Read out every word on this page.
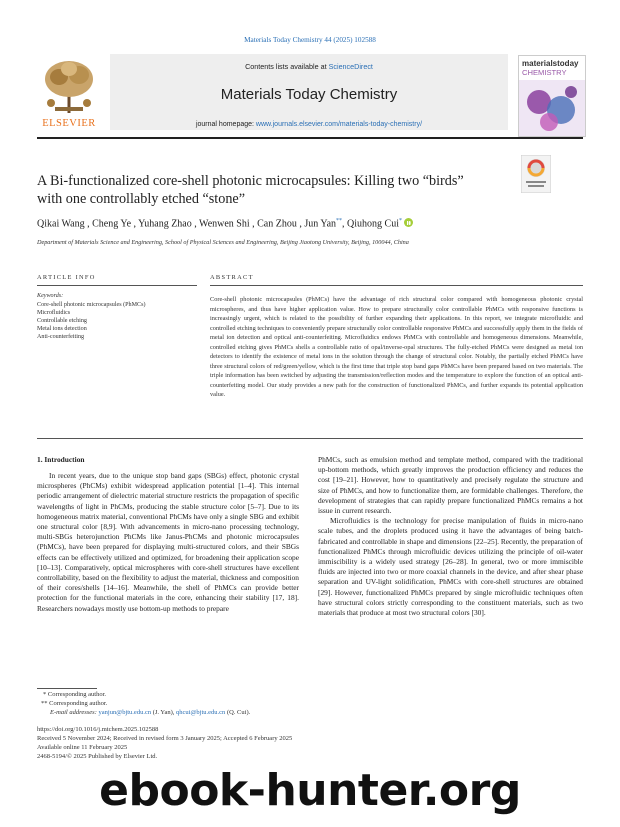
Materials Today Chemistry 44 (2025) 102588
Contents lists available at ScienceDirect
Materials Today Chemistry
journal homepage: www.journals.elsevier.com/materials-today-chemistry/
ELSEVIER
materialstoday
CHEMISTRY
A Bi-functionalized core-shell photonic microcapsules: Killing two “birds”
with one controllably etched “stone”
Qikai Wang , Cheng Ye , Yuhang Zhao , Wenwen Shi , Can Zhou , Jun Yan**, Qiuhong Cui*
Department of Materials Science and Engineering, School of Physical Sciences and Engineering, Beijing Jiaotong University, Beijing, 100044, China
ARTICLE INFO
Keywords:
Core-shell photonic microcapsules (PhMCs)
Microfluidics
Controllable etching
Metal ions detection
Anti-counterfeiting
ABSTRACT
Core-shell photonic microcapsules (PhMCs) have the advantage of rich structural color compared with homogeneous photonic crystal microspheres, and thus have higher application value. How to prepare structurally color controllable PhMCs with responsive functions is increasingly urgent, which is related to the possibility of further expanding their applications. In this report, we integrate microfluidic and controlled etching techniques to conveniently prepare structurally color controllable responsive PhMCs and successfully apply them in the fields of metal ion detection and optical anti-counterfeiting. Microfluidics endows PhMCs with controllable and homogeneous dimensions. Meanwhile, controlled etching gives PhMCs shells a controllable ratio of opal/inverse-opal structures. The fully-etched PhMCs were designed as metal ion detectors to identify the existence of metal ions in the solution through the change of structural color. Notably, the partially etched PhMCs have three structural colors of red/green/yellow, which is the first time that triple stop band gaps PhMCs have been prepared based on two materials. The triple information has been switched by adjusting the transmission/reflection modes and the temperature to explore the function of an optical anti-counterfeiting model. Our study provides a new path for the construction of functionalized PhMCs, and further expands its potential application value.
1. Introduction

In recent years, due to the unique stop band gaps (SBGs) effect, photonic crystal microspheres (PhCMs) exhibit widespread application potential [1–4]. This internal periodic arrangement of dielectric material structure restricts the propagation of specific wavelengths of light in PhCMs, producing the stable structure color [5–7]. Due to its homogeneous matrix material, conventional PhCMs have only a single SBG and exhibit one structural color [8,9]. With advancements in micro-nano processing technology, multi-SBGs heterojunction PhCMs like Janus-PhCMs and photonic microcapsules (PhMCs), have been prepared for displaying multi-structured colors, and their SBGs effects can be effectively utilized and optimized, for broadening their application scope [10–13]. Comparatively, optical microspheres with core-shell structures have excellent controllability, based on the flexibility to adjust the material, thickness and composition of their cores/shells [14–16]. Meanwhile, the shell of PhMCs can provide better protection for the functional materials in the core, enhancing their stability [17, 18]. Researchers nowadays mostly use bottom-up methods to prepare

PhMCs, such as emulsion method and template method, compared with the traditional up-bottom methods, which greatly improves the production efficiency and reduces the cost [19–21]. However, how to quantitatively and precisely regulate the structure and size of PhMCs, and how to functionalize them, are formidable challenges. Therefore, the development of strategies that can rapidly prepare functionalized PhMCs remains a hot issue in current research.

Microfluidics is the technology for precise manipulation of fluids in micro-nano scale tubes, and the droplets produced using it have the advantages of being batch-fabricated and controllable in shape and dimensions [22–25]. Recently, the preparation of functionalized PhMCs through microfluidic devices utilizing the principle of oil-water immiscibility is a widely used strategy [26–28]. In general, two or more immiscible fluids are injected into two or more coaxial channels in the device, and after shear phase separation and UV-light solidification, PhMCs with core-shell structures are obtained [29]. However, functionalized PhMCs prepared by single microfluidic techniques often have structural colors strictly corresponding to the constituent materials, such as two materials that produce at most two structural colors [30].

* Corresponding author.
** Corresponding author.
E-mail addresses: yanjun@bjtu.edu.cn (J. Yan), qhcui@bjtu.edu.cn (Q. Cui).
https://doi.org/10.1016/j.mtchem.2025.102588
Received 5 November 2024; Received in revised form 3 January 2025; Accepted 6 February 2025
Available online 11 February 2025
2468-5194/© 2025 Published by Elsevier Ltd.
ebook-hunter.org
